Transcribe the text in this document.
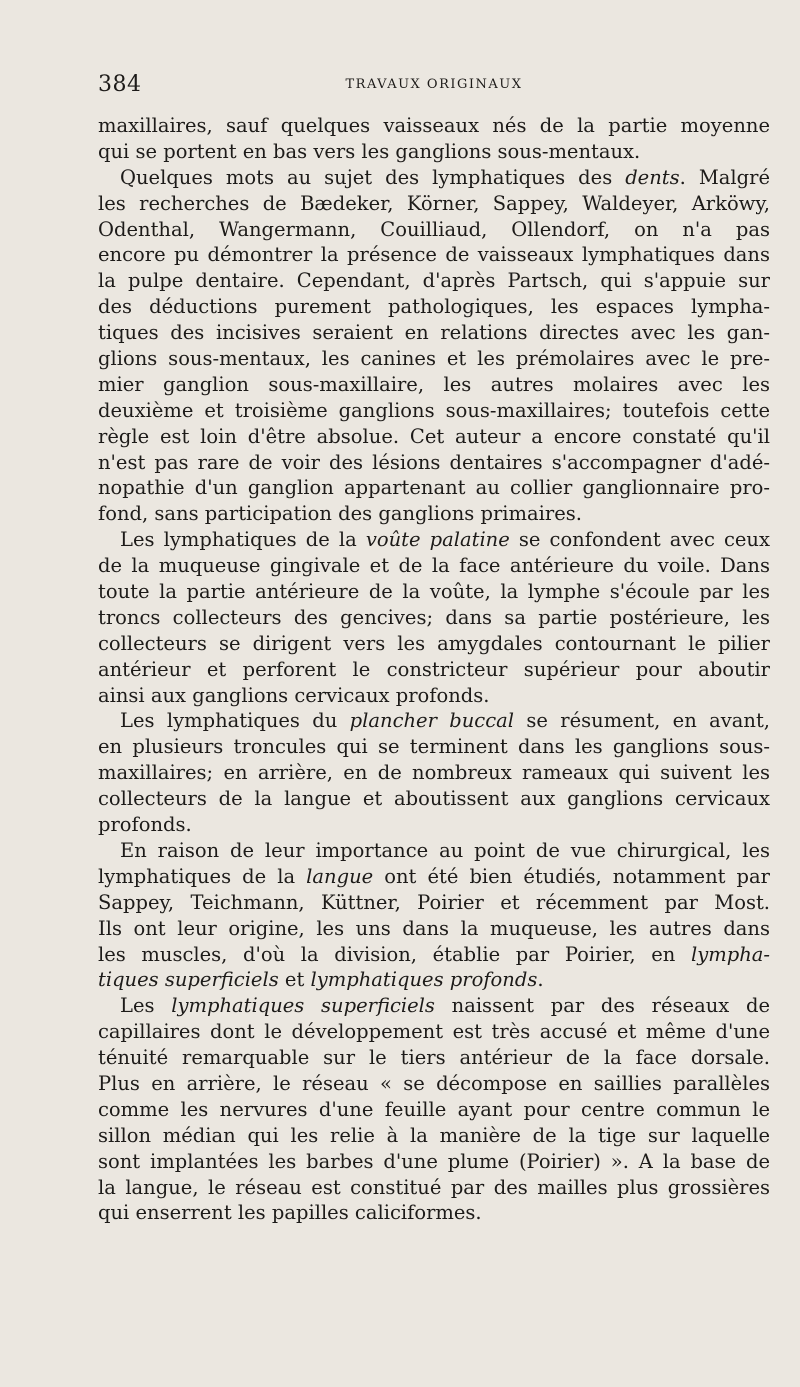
384	TRAVAUX ORIGINAUX
maxillaires, sauf quelques vaisseaux nés de la partie moyenne
qui se portent en bas vers les ganglions sous-mentaux.
Quelques mots au sujet des lymphatiques des dents. Malgré
les recherches de Bædeker, Körner, Sappey, Waldeyer, Arköwy,
Odenthal, Wangermann, Couilliaud, Ollendorf, on n'a pas
encore pu démontrer la présence de vaisseaux lymphatiques dans
la pulpe dentaire. Cependant, d'après Partsch, qui s'appuie sur
des déductions purement pathologiques, les espaces lympha-
tiques des incisives seraient en relations directes avec les gan-
glions sous-mentaux, les canines et les prémolaires avec le pre-
mier ganglion sous-maxillaire, les autres molaires avec les
deuxième et troisième ganglions sous-maxillaires; toutefois cette
règle est loin d'être absolue. Cet auteur a encore constaté qu'il
n'est pas rare de voir des lésions dentaires s'accompagner d'adé-
nopathie d'un ganglion appartenant au collier ganglionnaire pro-
fond, sans participation des ganglions primaires.
Les lymphatiques de la voûte palatine se confondent avec ceux
de la muqueuse gingivale et de la face antérieure du voile. Dans
toute la partie antérieure de la voûte, la lymphe s'écoule par les
troncs collecteurs des gencives; dans sa partie postérieure, les
collecteurs se dirigent vers les amygdales contournant le pilier
antérieur et perforent le constricteur supérieur pour aboutir
ainsi aux ganglions cervicaux profonds.
Les lymphatiques du plancher buccal se résument, en avant,
en plusieurs troncules qui se terminent dans les ganglions sous-
maxillaires; en arrière, en de nombreux rameaux qui suivent les
collecteurs de la langue et aboutissent aux ganglions cervicaux
profonds.
En raison de leur importance au point de vue chirurgical, les
lymphatiques de la langue ont été bien étudiés, notamment par
Sappey, Teichmann, Küttner, Poirier et récemment par Most.
Ils ont leur origine, les uns dans la muqueuse, les autres dans
les muscles, d'où la division, établie par Poirier, en lympha-
tiques superficiels et lymphatiques profonds.
Les lymphatiques superficiels naissent par des réseaux de
capillaires dont le développement est très accusé et même d'une
ténuité remarquable sur le tiers antérieur de la face dorsale.
Plus en arrière, le réseau « se décompose en saillies parallèles
comme les nervures d'une feuille ayant pour centre commun le
sillon médian qui les relie à la manière de la tige sur laquelle
sont implantées les barbes d'une plume (Poirier) ». A la base de
la langue, le réseau est constitué par des mailles plus grossières
qui enserrent les papilles caliciformes.
